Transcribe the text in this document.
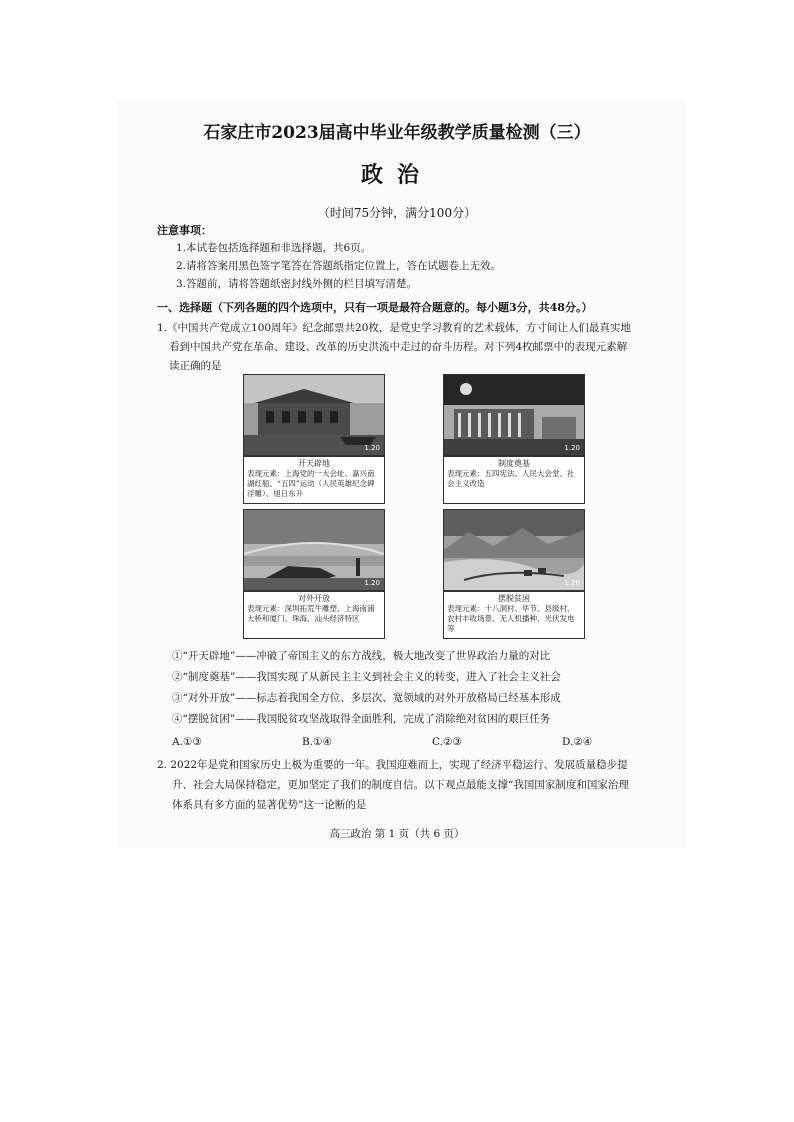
石家庄市2023届高中毕业年级教学质量检测（三）
政治
（时间75分钟，满分100分）
注意事项：
1.本试卷包括选择题和非选择题，共6页。
2.请将答案用黑色签字笔答在答题纸指定位置上，答在试题卷上无效。
3.答题前，请将答题纸密封线外侧的栏目填写清楚。
一、选择题（下列各题的四个选项中，只有一项是最符合题意的。每小题3分，共48分。）
1.《中国共产党成立100周年》纪念邮票共20枚，是党史学习教育的艺术载体，方寸间让人们最真实地
看到中国共产党在革命、建设、改革的历史洪流中走过的奋斗历程。对下列4枚邮票中的表现元素解
读正确的是
1.20
开天辟地
表现元素：上海党的一大会址、嘉兴南湖红船、“五四”运动（人民英雄纪念碑浮雕）、旭日东升
1.20
制度奠基
表现元素：五四宪法、人民大会堂、社会主义改造
1.20
对外开放
表现元素：深圳拓荒牛雕塑、上海南浦大桥和厦门、珠海、汕头经济特区
1.20
摆脱贫困
表现元素：十八洞村、毕节、县级村、农村丰收场景、无人机播种、光伏发电等
①“开天辟地”——冲破了帝国主义的东方战线，极大地改变了世界政治力量的对比
②“制度奠基”——我国实现了从新民主主义到社会主义的转变，进入了社会主义社会
③“对外开放”——标志着我国全方位、多层次、宽领域的对外开放格局已经基本形成
④“摆脱贫困”——我国脱贫攻坚战取得全面胜利，完成了消除绝对贫困的艰巨任务
A.①③	B.①④	C.②③	D.②④
2. 2022年是党和国家历史上极为重要的一年。我国迎难而上，实现了经济平稳运行、发展质量稳步提
升、社会大局保持稳定，更加坚定了我们的制度自信。以下观点最能支撑“我国国家制度和国家治理
体系具有多方面的显著优势”这一论断的是
高三政治 第 1 页（共 6 页）
